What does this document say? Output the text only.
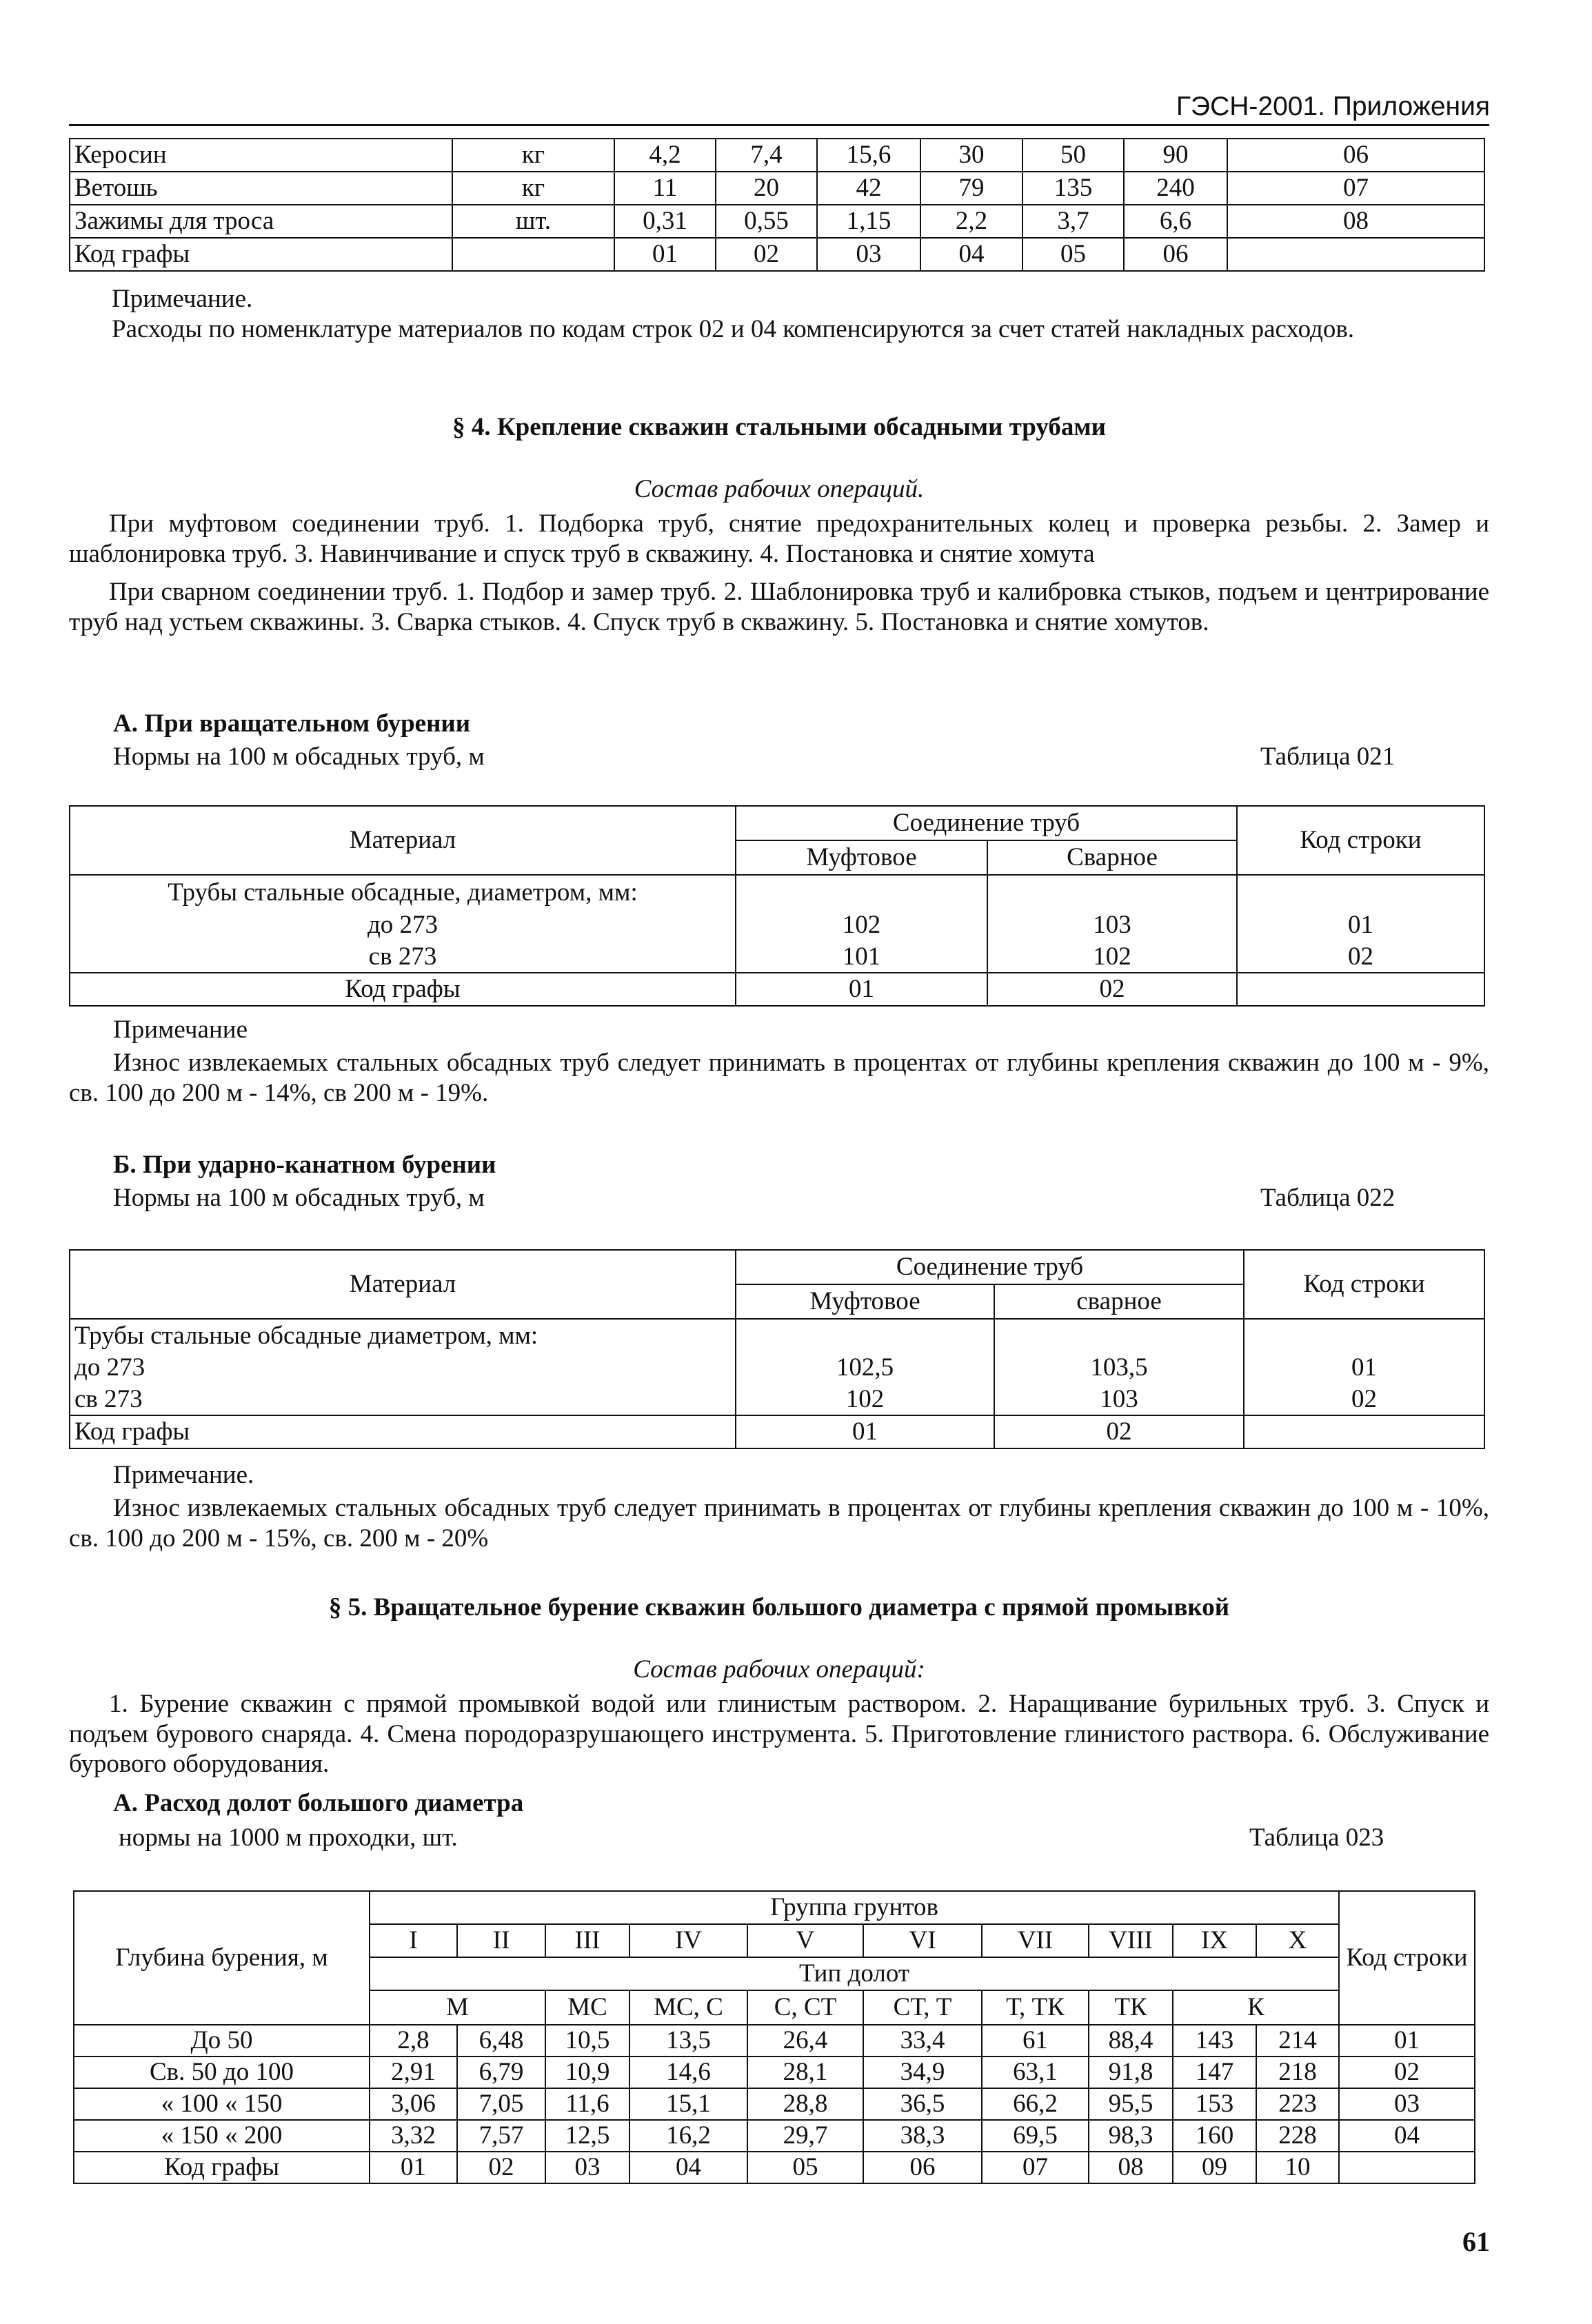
ГЭСН-2001. Приложения
Керосин	кг	4,2	7,4	15,6	30	50	90	06
Ветошь	кг	11	20	42	79	135	240	07
Зажимы для троса	шт.	0,31	0,55	1,15	2,2	3,7	6,6	08
Код графы		01	02	03	04	05	06	
Примечание.
Расходы по номенклатуре материалов по кодам строк 02 и 04 компенсируются за счет статей накладных расходов.
§ 4. Крепление скважин стальными обсадными трубами
Состав рабочих операций.
При муфтовом соединении труб. 1. Подборка труб, снятие предохранительных колец и проверка резьбы. 2. Замер и шаблонировка труб. 3. Навинчивание и спуск труб в скважину. 4. Постановка и снятие хомута
При сварном соединении труб. 1. Подбор и замер труб. 2. Шаблонировка труб и калибровка стыков, подъем и центрирование труб над устьем скважины. 3. Сварка стыков. 4. Спуск труб в скважину. 5. Постановка и снятие хомутов.
А. При вращательном бурении
Нормы на 100 м обсадных труб, м	Таблица 021
Материал	Соединение труб		Код строки
	Муфтовое	Сварное	
Трубы стальные обсадные, диаметром, мм:			
до 273	102	103	01
св 273	101	102	02
Код графы	01	02	
Примечание
Износ извлекаемых стальных обсадных труб следует принимать в процентах от глубины крепления скважин до 100 м - 9%, св. 100 до 200 м - 14%, св 200 м - 19%.
Б. При ударно-канатном бурении
Нормы на 100 м обсадных труб, м	Таблица 022
Материал	Соединение труб		Код строки
	Муфтовое	сварное	
Трубы стальные обсадные диаметром, мм:			
до 273	102,5	103,5	01
св 273	102	103	02
Код графы	01	02	
Примечание.
Износ извлекаемых стальных обсадных труб следует принимать в процентах от глубины крепления скважин до 100 м - 10%, св. 100 до 200 м - 15%, св. 200 м - 20%
§ 5. Вращательное бурение скважин большого диаметра с прямой промывкой
Состав рабочих операций:
1. Бурение скважин с прямой промывкой водой или глинистым раствором. 2. Наращивание бурильных труб. 3. Спуск и подъем бурового снаряда. 4. Смена породоразрушающего инструмента. 5. Приготовление глинистого раствора. 6. Обслуживание бурового оборудования.
А. Расход долот большого диаметра
нормы на 1000 м проходки, шт.	Таблица 023
Глубина бурения, м	Группа грунтов										Код строки
	I	II	III	IV	V	VI	VII	VIII	IX	X	
	Тип долот										
	М		МС	МС, С	С, СТ	СТ, Т	Т, ТК	ТК	К		
До 50	2,8	6,48	10,5	13,5	26,4	33,4	61	88,4	143	214	01
Св. 50 до 100	2,91	6,79	10,9	14,6	28,1	34,9	63,1	91,8	147	218	02
« 100 « 150	3,06	7,05	11,6	15,1	28,8	36,5	66,2	95,5	153	223	03
« 150 « 200	3,32	7,57	12,5	16,2	29,7	38,3	69,5	98,3	160	228	04
Код графы	01	02	03	04	05	06	07	08	09	10	
61
